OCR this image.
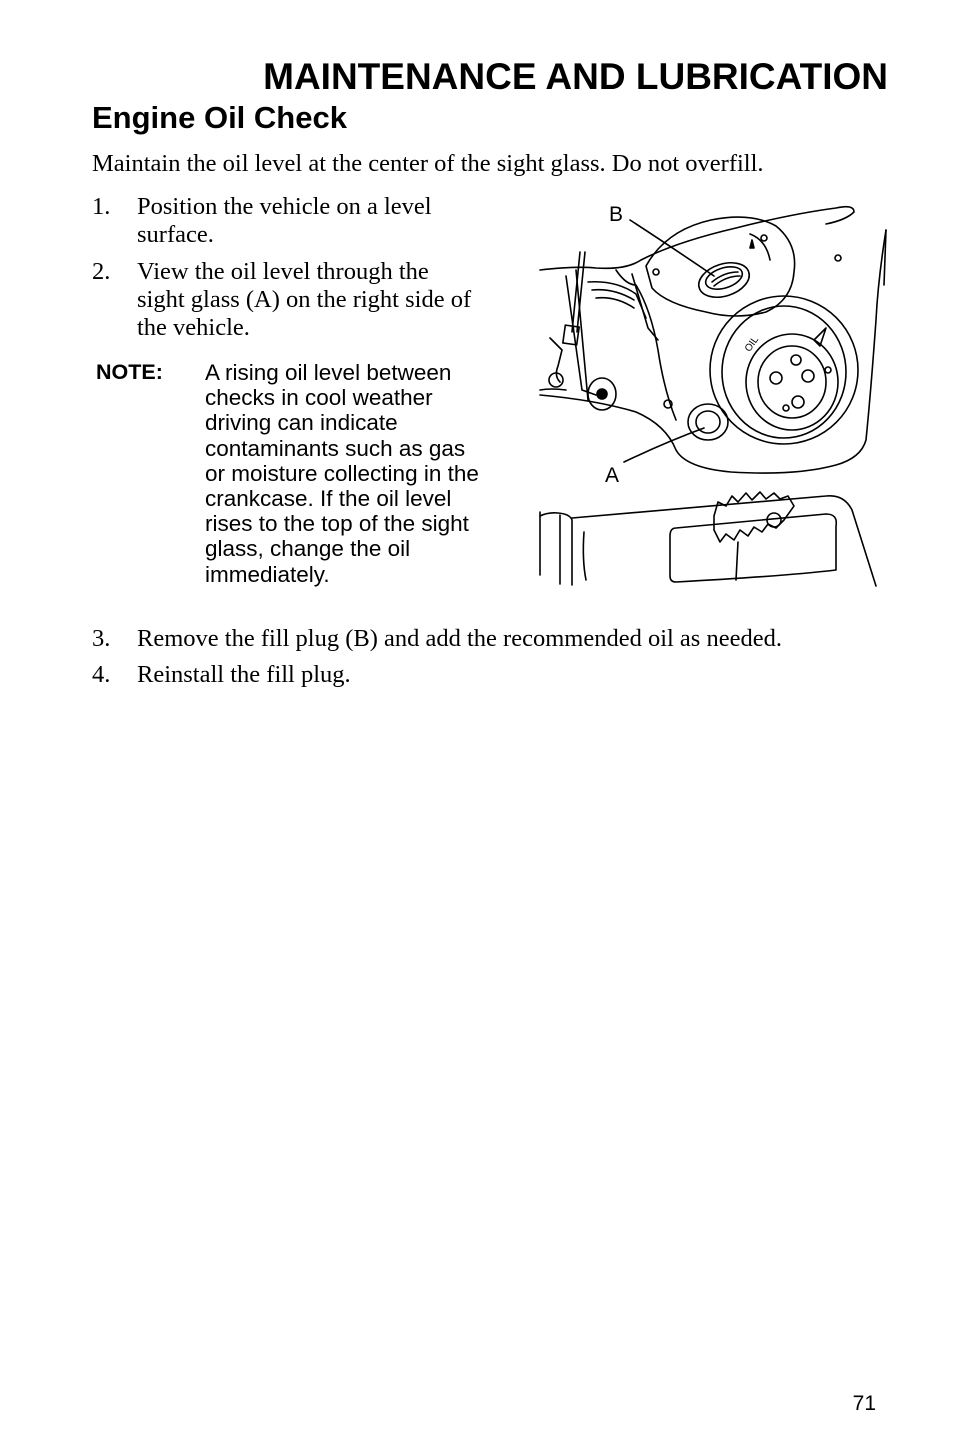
MAINTENANCE AND LUBRICATION
Engine Oil Check
Maintain the oil level at the center of the sight glass. Do not overfill.
1. Position the vehicle on a level surface.
2. View the oil level through the sight glass (A) on the right side of the vehicle.
NOTE: A rising oil level between checks in cool weather driving can indicate contaminants such as gas or moisture collecting in the crankcase. If the oil level rises to the top of the sight glass, change the oil immediately.
B
A
OIL
3. Remove the fill plug (B) and add the recommended oil as needed.
4. Reinstall the fill plug.
71
